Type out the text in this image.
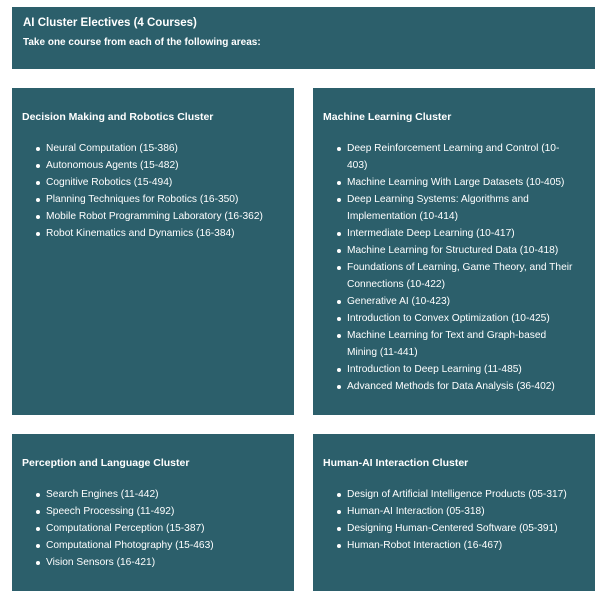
AI Cluster Electives (4 Courses)

Take one course from each of the following areas:

Decision Making and Robotics Cluster

Neural Computation (15-386)
Autonomous Agents (15-482)
Cognitive Robotics (15-494)
Planning Techniques for Robotics (16-350)
Mobile Robot Programming Laboratory (16-362)
Robot Kinematics and Dynamics (16-384)

Machine Learning Cluster

Deep Reinforcement Learning and Control (10-403)
Machine Learning With Large Datasets (10-405)
Deep Learning Systems: Algorithms and Implementation (10-414)
Intermediate Deep Learning (10-417)
Machine Learning for Structured Data (10-418)
Foundations of Learning, Game Theory, and Their Connections (10-422)
Generative AI (10-423)
Introduction to Convex Optimization (10-425)
Machine Learning for Text and Graph-based Mining (11-441)
Introduction to Deep Learning (11-485)
Advanced Methods for Data Analysis (36-402)

Perception and Language Cluster

Search Engines (11-442)
Speech Processing (11-492)
Computational Perception (15-387)
Computational Photography (15-463)
Vision Sensors (16-421)

Human-AI Interaction Cluster

Design of Artificial Intelligence Products (05-317)
Human-AI Interaction (05-318)
Designing Human-Centered Software (05-391)
Human-Robot Interaction (16-467)
